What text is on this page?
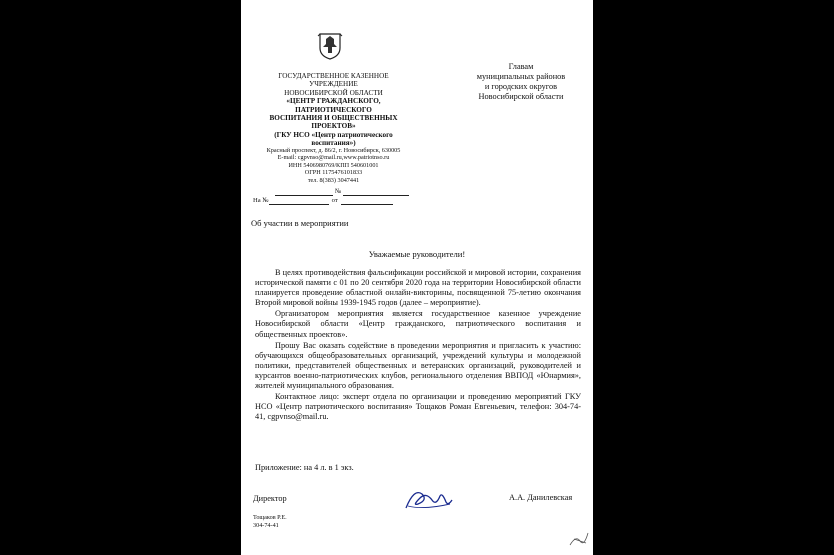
ГОСУДАРСТВЕННОЕ КАЗЕННОЕ
УЧРЕЖДЕНИЕ
НОВОСИБИРСКОЙ ОБЛАСТИ
«ЦЕНТР ГРАЖДАНСКОГО,
ПАТРИОТИЧЕСКОГО
ВОСПИТАНИЯ И ОБЩЕСТВЕННЫХ
ПРОЕКТОВ»
(ГКУ НСО «Центр патриотического
воспитания»)
Красный проспект, д. 86/2, г. Новосибирск, 630005
E-mail: cgpvnso@mail.ru,www.patriotnso.ru
ИНН 5406980769/КПП 540601001
ОГРН 1175476101833
тел. 8(383) 3047441
№
На №	от
Главам
муниципальных районов
и городских округов
Новосибирской области
Об участии в мероприятии
Уважаемые руководители!

В целях противодействия фальсификации российской и мировой истории, сохранения исторической памяти с 01 по 20 сентября 2020 года на территории Новосибирской области планируется проведение областной онлайн-викторины, посвященной 75-летию окончания Второй мировой войны 1939-1945 годов (далее – мероприятие).

Организатором мероприятия является государственное казенное учреждение Новосибирской области «Центр гражданского, патриотического воспитания и общественных проектов».

Прошу Вас оказать содействие в проведении мероприятия и пригласить к участию: обучающихся общеобразовательных организаций, учреждений культуры и молодежной политики, представителей общественных и ветеранских организаций, руководителей и курсантов военно-патриотических клубов, регионального отделения ВВПОД «Юнармия», жителей муниципального образования.

Контактное лицо: эксперт отдела по организации и проведению мероприятий ГКУ НСО «Центр патриотического воспитания» Тощаков Роман Евгеньевич, телефон: 304-74-41, cgpvnso@mail.ru.

Приложение: на 4 л. в 1 экз.
Директор	А.А. Данилевская
Тощаков Р.Е.
304-74-41
